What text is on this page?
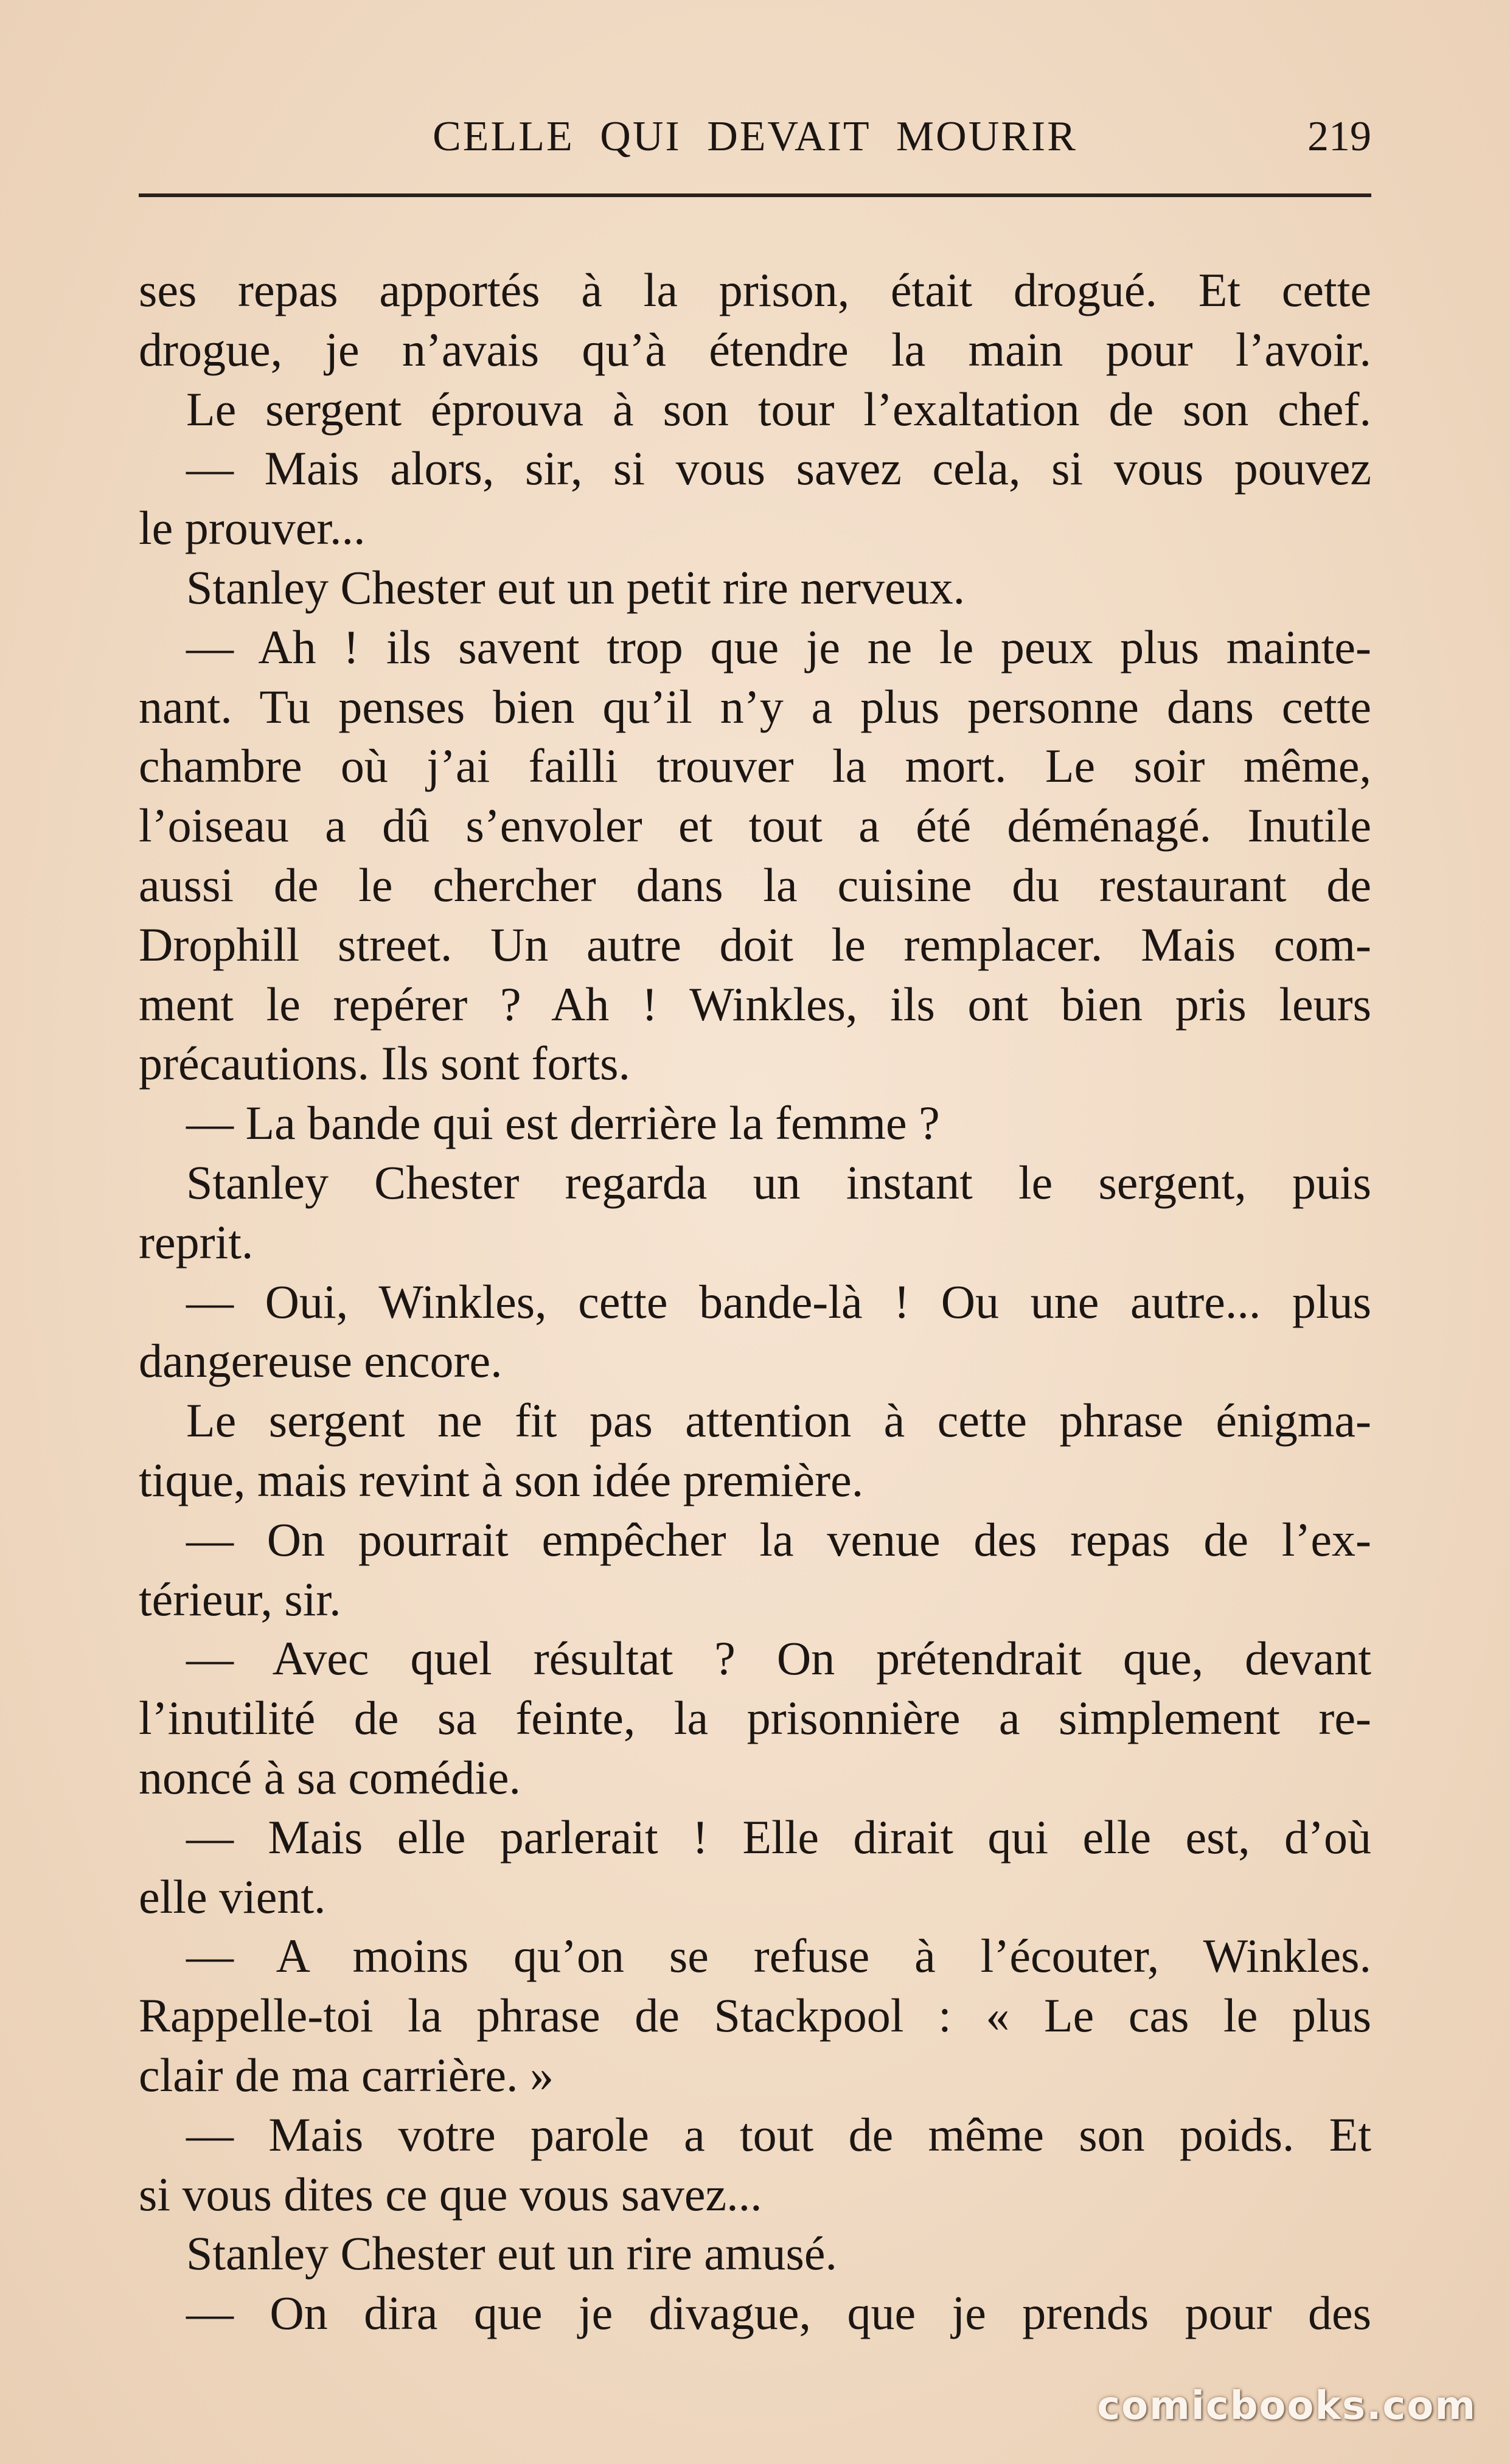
CELLE QUI DEVAIT MOURIR	219
ses repas apportés à la prison, était drogué. Et cette
drogue, je n’avais qu’à étendre la main pour l’avoir.
Le sergent éprouva à son tour l’exaltation de son chef.
— Mais alors, sir, si vous savez cela, si vous pouvez
le prouver...
Stanley Chester eut un petit rire nerveux.
— Ah ! ils savent trop que je ne le peux plus mainte-
nant. Tu penses bien qu’il n’y a plus personne dans cette
chambre où j’ai failli trouver la mort. Le soir même,
l’oiseau a dû s’envoler et tout a été déménagé. Inutile
aussi de le chercher dans la cuisine du restaurant de
Drophill street. Un autre doit le remplacer. Mais com-
ment le repérer ? Ah ! Winkles, ils ont bien pris leurs
précautions. Ils sont forts.
— La bande qui est derrière la femme ?
Stanley Chester regarda un instant le sergent, puis
reprit.
— Oui, Winkles, cette bande-là ! Ou une autre... plus
dangereuse encore.
Le sergent ne fit pas attention à cette phrase énigma-
tique, mais revint à son idée première.
— On pourrait empêcher la venue des repas de l’ex-
térieur, sir.
— Avec quel résultat ? On prétendrait que, devant
l’inutilité de sa feinte, la prisonnière a simplement re-
noncé à sa comédie.
— Mais elle parlerait ! Elle dirait qui elle est, d’où
elle vient.
— A moins qu’on se refuse à l’écouter, Winkles.
Rappelle-toi la phrase de Stackpool : « Le cas le plus
clair de ma carrière. »
— Mais votre parole a tout de même son poids. Et
si vous dites ce que vous savez...
Stanley Chester eut un rire amusé.
— On dira que je divague, que je prends pour des
comicbooks.com
